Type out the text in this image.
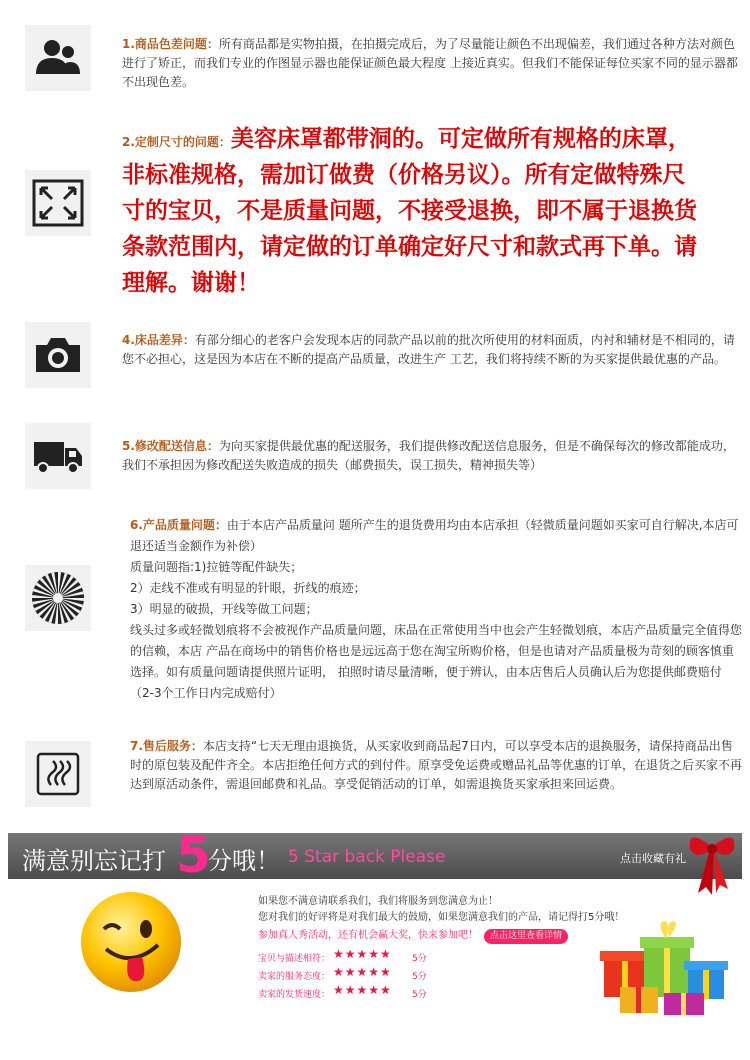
1.商品色差问题：所有商品都是实物拍摄，在拍摄完成后，为了尽量能让颜色不出现偏差，我们通过各种方法对颜色进行了矫正，而我们专业的作图显示器也能保证颜色最大程度 上接近真实。但我们不能保证每位买家不同的显示器都不出现色差。
2.定制尺寸的问题：美容床罩都带洞的。可定做所有规格的床罩，
非标准规格，需加订做费（价格另议）。所有定做特殊尺
寸的宝贝，不是质量问题，不接受退换，即不属于退换货
条款范围内，请定做的订单确定好尺寸和款式再下单。请
理解。谢谢！
4.床品差异：有部分细心的老客户会发现本店的同款产品以前的批次所使用的材料面质，内衬和辅材是不相同的，请您不必担心，这是因为本店在不断的提高产品质量，改进生产 工艺，我们将持续不断的为买家提供最优惠的产品。
5.修改配送信息：为向买家提供最优惠的配送服务，我们提供修改配送信息服务，但是不确保每次的修改都能成功，我们不承担因为修改配送失败造成的损失（邮费损失，误工损失，精神损失等）

6.产品质量问题：由于本店产品质量问 题所产生的退货费用均由本店承担（轻微质量问题如买家可自行解决,本店可退还适当金额作为补偿）

质量问题指:1)拉链等配件缺失；

2）走线不准或有明显的针眼，折线的痕迹；

3）明显的破损，开线等做工问题；

线头过多或轻微划痕将不会被视作产品质量问题，床品在正常使用当中也会产生轻微划痕，本店产品质量完全值得您的信赖，本店 产品在商场中的销售价格也是远远高于您在淘宝所购价格，但是也请对产品质量极为苛刻的顾客慎重选择。如有质量问题请提供照片证明， 拍照时请尽量清晰，便于辨认，由本店售后人员确认后为您提供邮费赔付（2-3个工作日内完成赔付）

7.售后服务：本店支持“七天无理由退换货，从买家收到商品起7日内，可以享受本店的退换服务，请保持商品出售时的原包装及配件齐全。本店拒绝任何方式的到付件。原享受免运费或赠品礼品等优惠的订单，在退货之后买家不再达到原活动条件，需退回邮费和礼品。享受促销活动的订单，如需退换货买家承担来回运费。
满意别忘记打 5
分哦！ 5 Star back Please	点击收藏有礼
如果您不满意请联系我们，我们将服务到您满意为止！
您对我们的好评将是对我们最大的鼓励，如果您满意我们的产品，请记得打5分哦！
参加真人秀活动，还有机会赢大奖，快来参加吧！ 点击这里查看详情
宝贝与描述相符： ★★★★★ 5分
卖家的服务态度： ★★★★★ 5分
卖家的发货速度： ★★★★★ 5分
